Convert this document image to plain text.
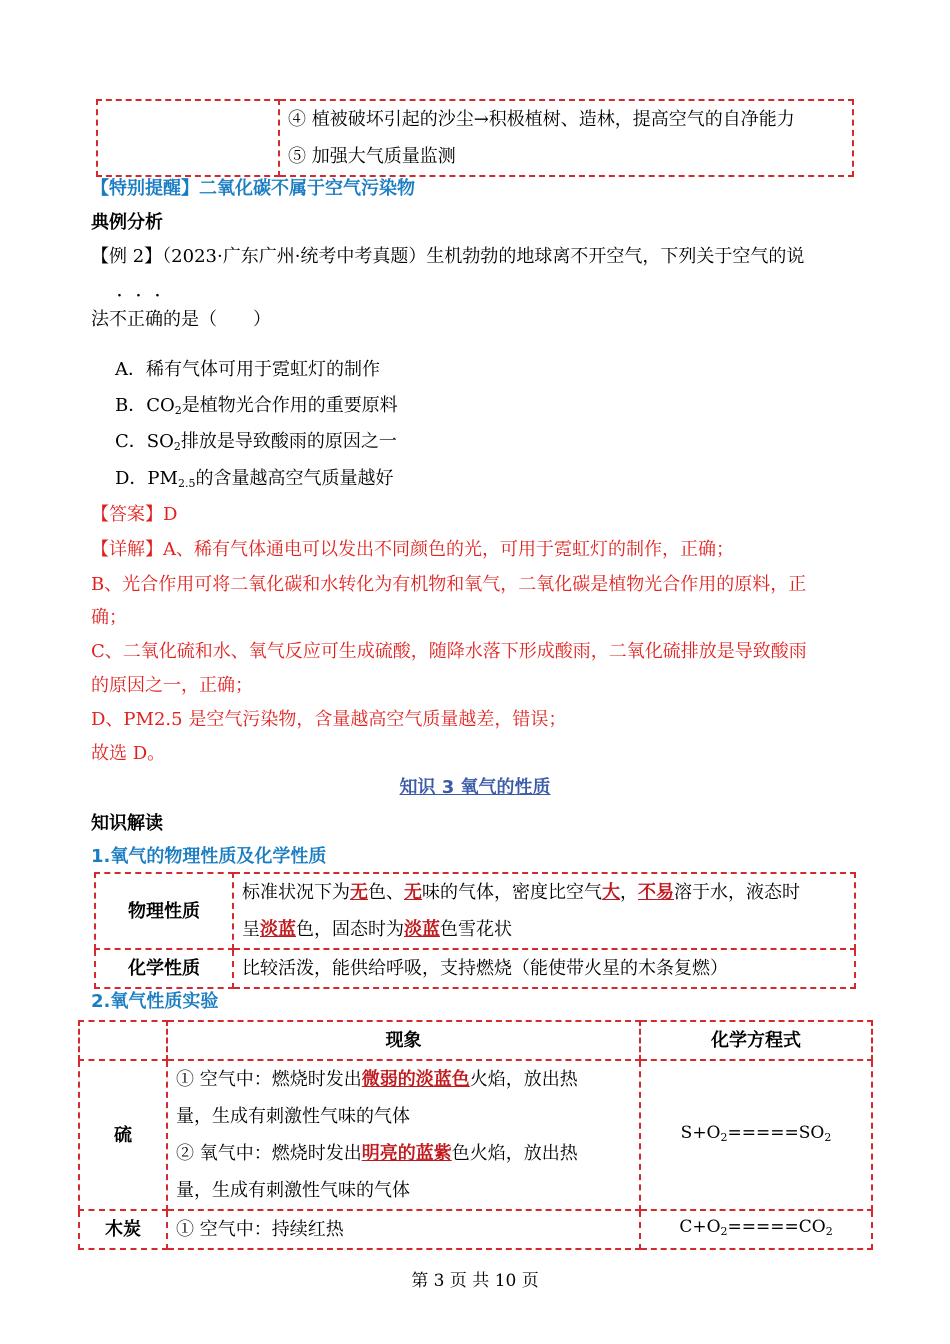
④ 植被破坏引起的沙尘→积极植树、造林，提高空气的自净能力
⑤ 加强大气质量监测
【特别提醒】二氧化碳不属于空气污染物
典例分析
【例 2】（2023·广东广州·统考中考真题）生机勃勃的地球离不开空气，下列关于空气的说
· · ·
法不正确的是（　　）
A．稀有气体可用于霓虹灯的制作
B．$CO_2$是植物光合作用的重要原料
C．$SO_2$排放是导致酸雨的原因之一
D．$PM_{2.5}$的含量越高空气质量越好
【答案】D
【详解】A、稀有气体通电可以发出不同颜色的光，可用于霓虹灯的制作，正确；
B、光合作用可将二氧化碳和水转化为有机物和氧气，二氧化碳是植物光合作用的原料，正
确；
C、二氧化硫和水、氧气反应可生成硫酸，随降水落下形成酸雨，二氧化硫排放是导致酸雨
的原因之一，正确；
D、PM2.5 是空气污染物，含量越高空气质量越差，错误；
故选 D。
知识 3 氧气的性质
知识解读
1.氧气的物理性质及化学性质
物理性质	标准状况下为无色、无味的气体，密度比空气大，不易溶于水，液态时
呈淡蓝色，固态时为淡蓝色雪花状

化学性质	比较活泼，能供给呼吸，支持燃烧（能使带火星的木条复燃）
2.氧气性质实验
	现象	化学方程式
硫	① 空气中：燃烧时发出微弱的淡蓝色火焰，放出热
量，生成有刺激性气味的气体
② 氧气中：燃烧时发出明亮的蓝紫色火焰，放出热
量，生成有刺激性气味的气体	$S+O_2=====SO_2$
木炭	① 空气中：持续红热	$C+O_2=====CO_2$
第 3 页 共 10 页
